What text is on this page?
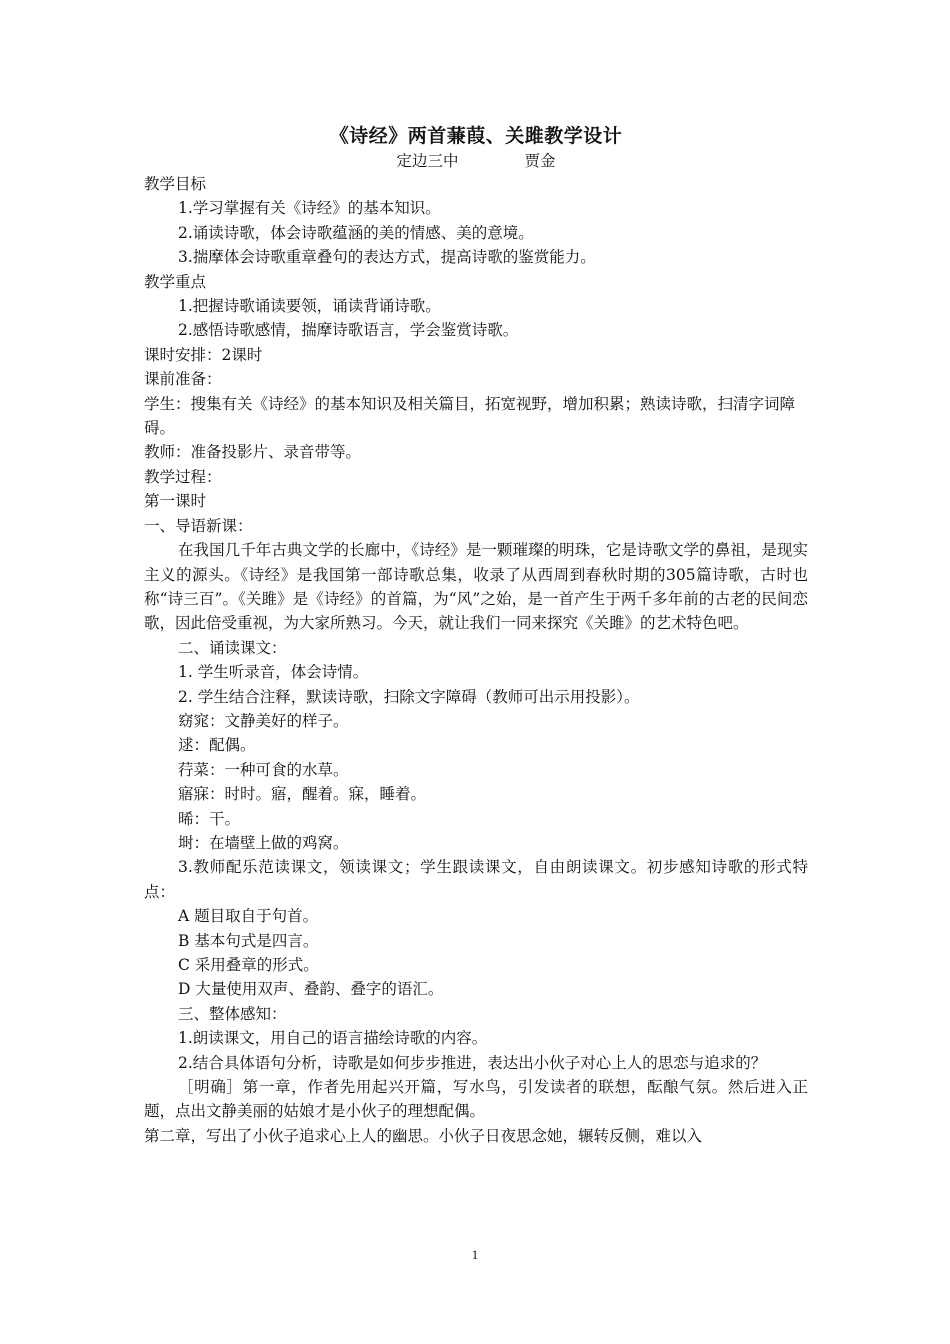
《诗经》两首蒹葭、关雎教学设计

定边三中	贾金

教学目标

1.学习掌握有关《诗经》的基本知识。

2.诵读诗歌，体会诗歌蕴涵的美的情感、美的意境。

3.揣摩体会诗歌重章叠句的表达方式，提高诗歌的鉴赏能力。

教学重点

1.把握诗歌诵读要领，诵读背诵诗歌。

2.感悟诗歌感情，揣摩诗歌语言，学会鉴赏诗歌。

课时安排：2课时

课前准备：

学生：搜集有关《诗经》的基本知识及相关篇目，拓宽视野，增加积累；熟读诗歌，扫清字词障碍。

教师：准备投影片、录音带等。

教学过程：

第一课时

一、导语新课：

在我国几千年古典文学的长廊中，《诗经》是一颗璀璨的明珠，它是诗歌文学的鼻祖，是现实主义的源头。《诗经》是我国第一部诗歌总集，收录了从西周到春秋时期的305篇诗歌，古时也称“诗三百”。《关雎》是《诗经》的首篇，为“风”之始，是一首产生于两千多年前的古老的民间恋歌，因此倍受重视，为大家所熟习。今天，就让我们一同来探究《关雎》的艺术特色吧。

二、诵读课文：

1. 学生听录音，体会诗情。

2. 学生结合注释，默读诗歌，扫除文字障碍（教师可出示用投影）。

窈窕：文静美好的样子。

逑：配偶。

荇菜：一种可食的水草。

寤寐：时时。寤，醒着。寐，睡着。

晞：干。

埘：在墙壁上做的鸡窝。

3.教师配乐范读课文，领读课文；学生跟读课文，自由朗读课文。初步感知诗歌的形式特点：

A 题目取自于句首。

B 基本句式是四言。

C 采用叠章的形式。

D 大量使用双声、叠韵、叠字的语汇。

三、整体感知：

1.朗读课文，用自己的语言描绘诗歌的内容。

2.结合具体语句分析，诗歌是如何步步推进，表达出小伙子对心上人的思恋与追求的？

［明确］第一章，作者先用起兴开篇，写水鸟，引发读者的联想，酝酿气氛。然后进入正题，点出文静美丽的姑娘才是小伙子的理想配偶。

第二章，写出了小伙子追求心上人的幽思。小伙子日夜思念她，辗转反侧，难以入

1
